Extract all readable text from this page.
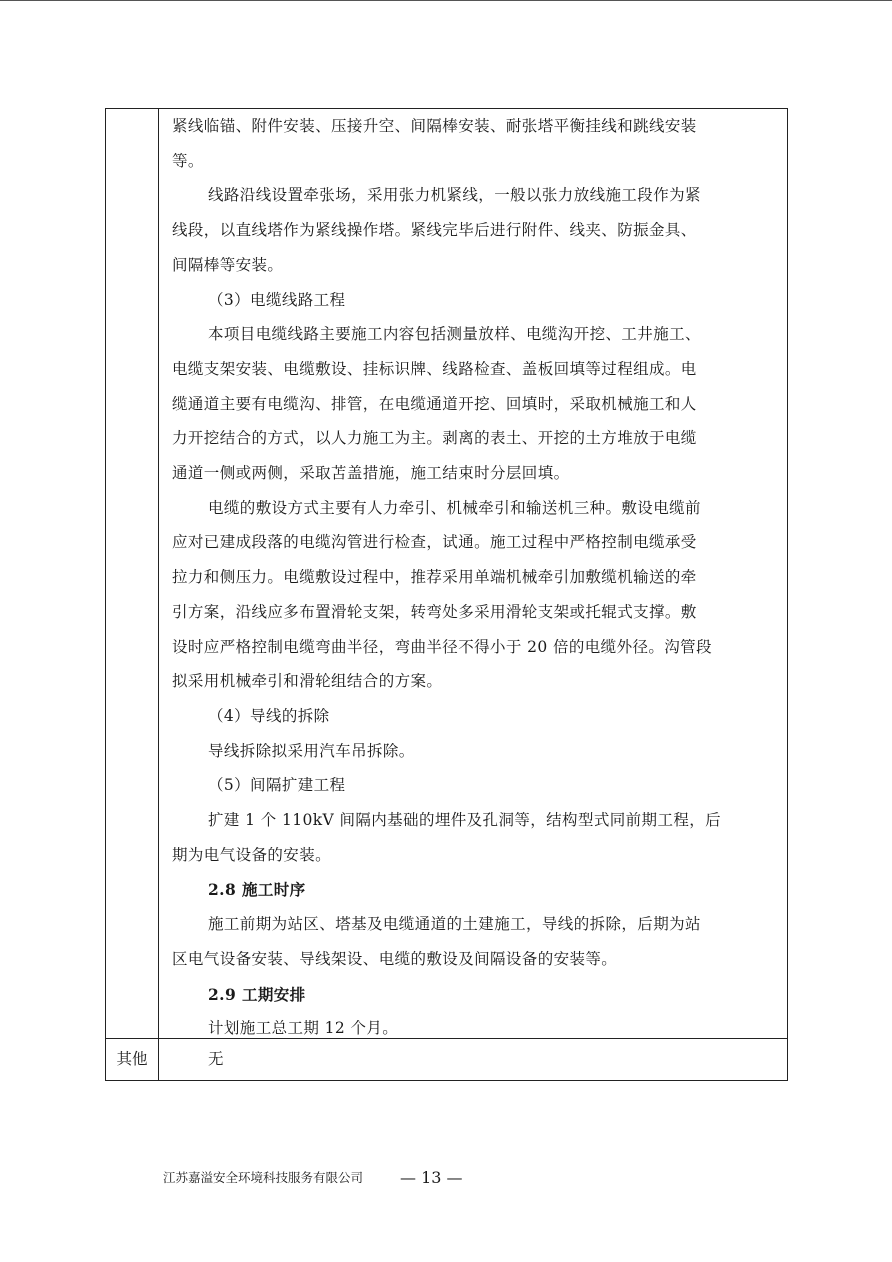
紧线临锚、附件安装、压接升空、间隔棒安装、耐张塔平衡挂线和跳线安装
等。
线路沿线设置牵张场，采用张力机紧线，一般以张力放线施工段作为紧
线段，以直线塔作为紧线操作塔。紧线完毕后进行附件、线夹、防振金具、
间隔棒等安装。
（3）电缆线路工程
本项目电缆线路主要施工内容包括测量放样、电缆沟开挖、工井施工、
电缆支架安装、电缆敷设、挂标识牌、线路检查、盖板回填等过程组成。电
缆通道主要有电缆沟、排管，在电缆通道开挖、回填时，采取机械施工和人
力开挖结合的方式，以人力施工为主。剥离的表土、开挖的土方堆放于电缆
通道一侧或两侧，采取苫盖措施，施工结束时分层回填。
电缆的敷设方式主要有人力牵引、机械牵引和输送机三种。敷设电缆前
应对已建成段落的电缆沟管进行检查，试通。施工过程中严格控制电缆承受
拉力和侧压力。电缆敷设过程中，推荐采用单端机械牵引加敷缆机输送的牵
引方案，沿线应多布置滑轮支架，转弯处多采用滑轮支架或托辊式支撑。敷
设时应严格控制电缆弯曲半径，弯曲半径不得小于 20 倍的电缆外径。沟管段
拟采用机械牵引和滑轮组结合的方案。
（4）导线的拆除
导线拆除拟采用汽车吊拆除。
（5）间隔扩建工程
扩建 1 个 110kV 间隔内基础的埋件及孔洞等，结构型式同前期工程，后
期为电气设备的安装。
2.8 施工时序
施工前期为站区、塔基及电缆通道的土建施工，导线的拆除，后期为站
区电气设备安装、导线架设、电缆的敷设及间隔设备的安装等。
2.9 工期安排
计划施工总工期 12 个月。
其他	无
江苏嘉溢安全环境科技服务有限公司 — 13 —
